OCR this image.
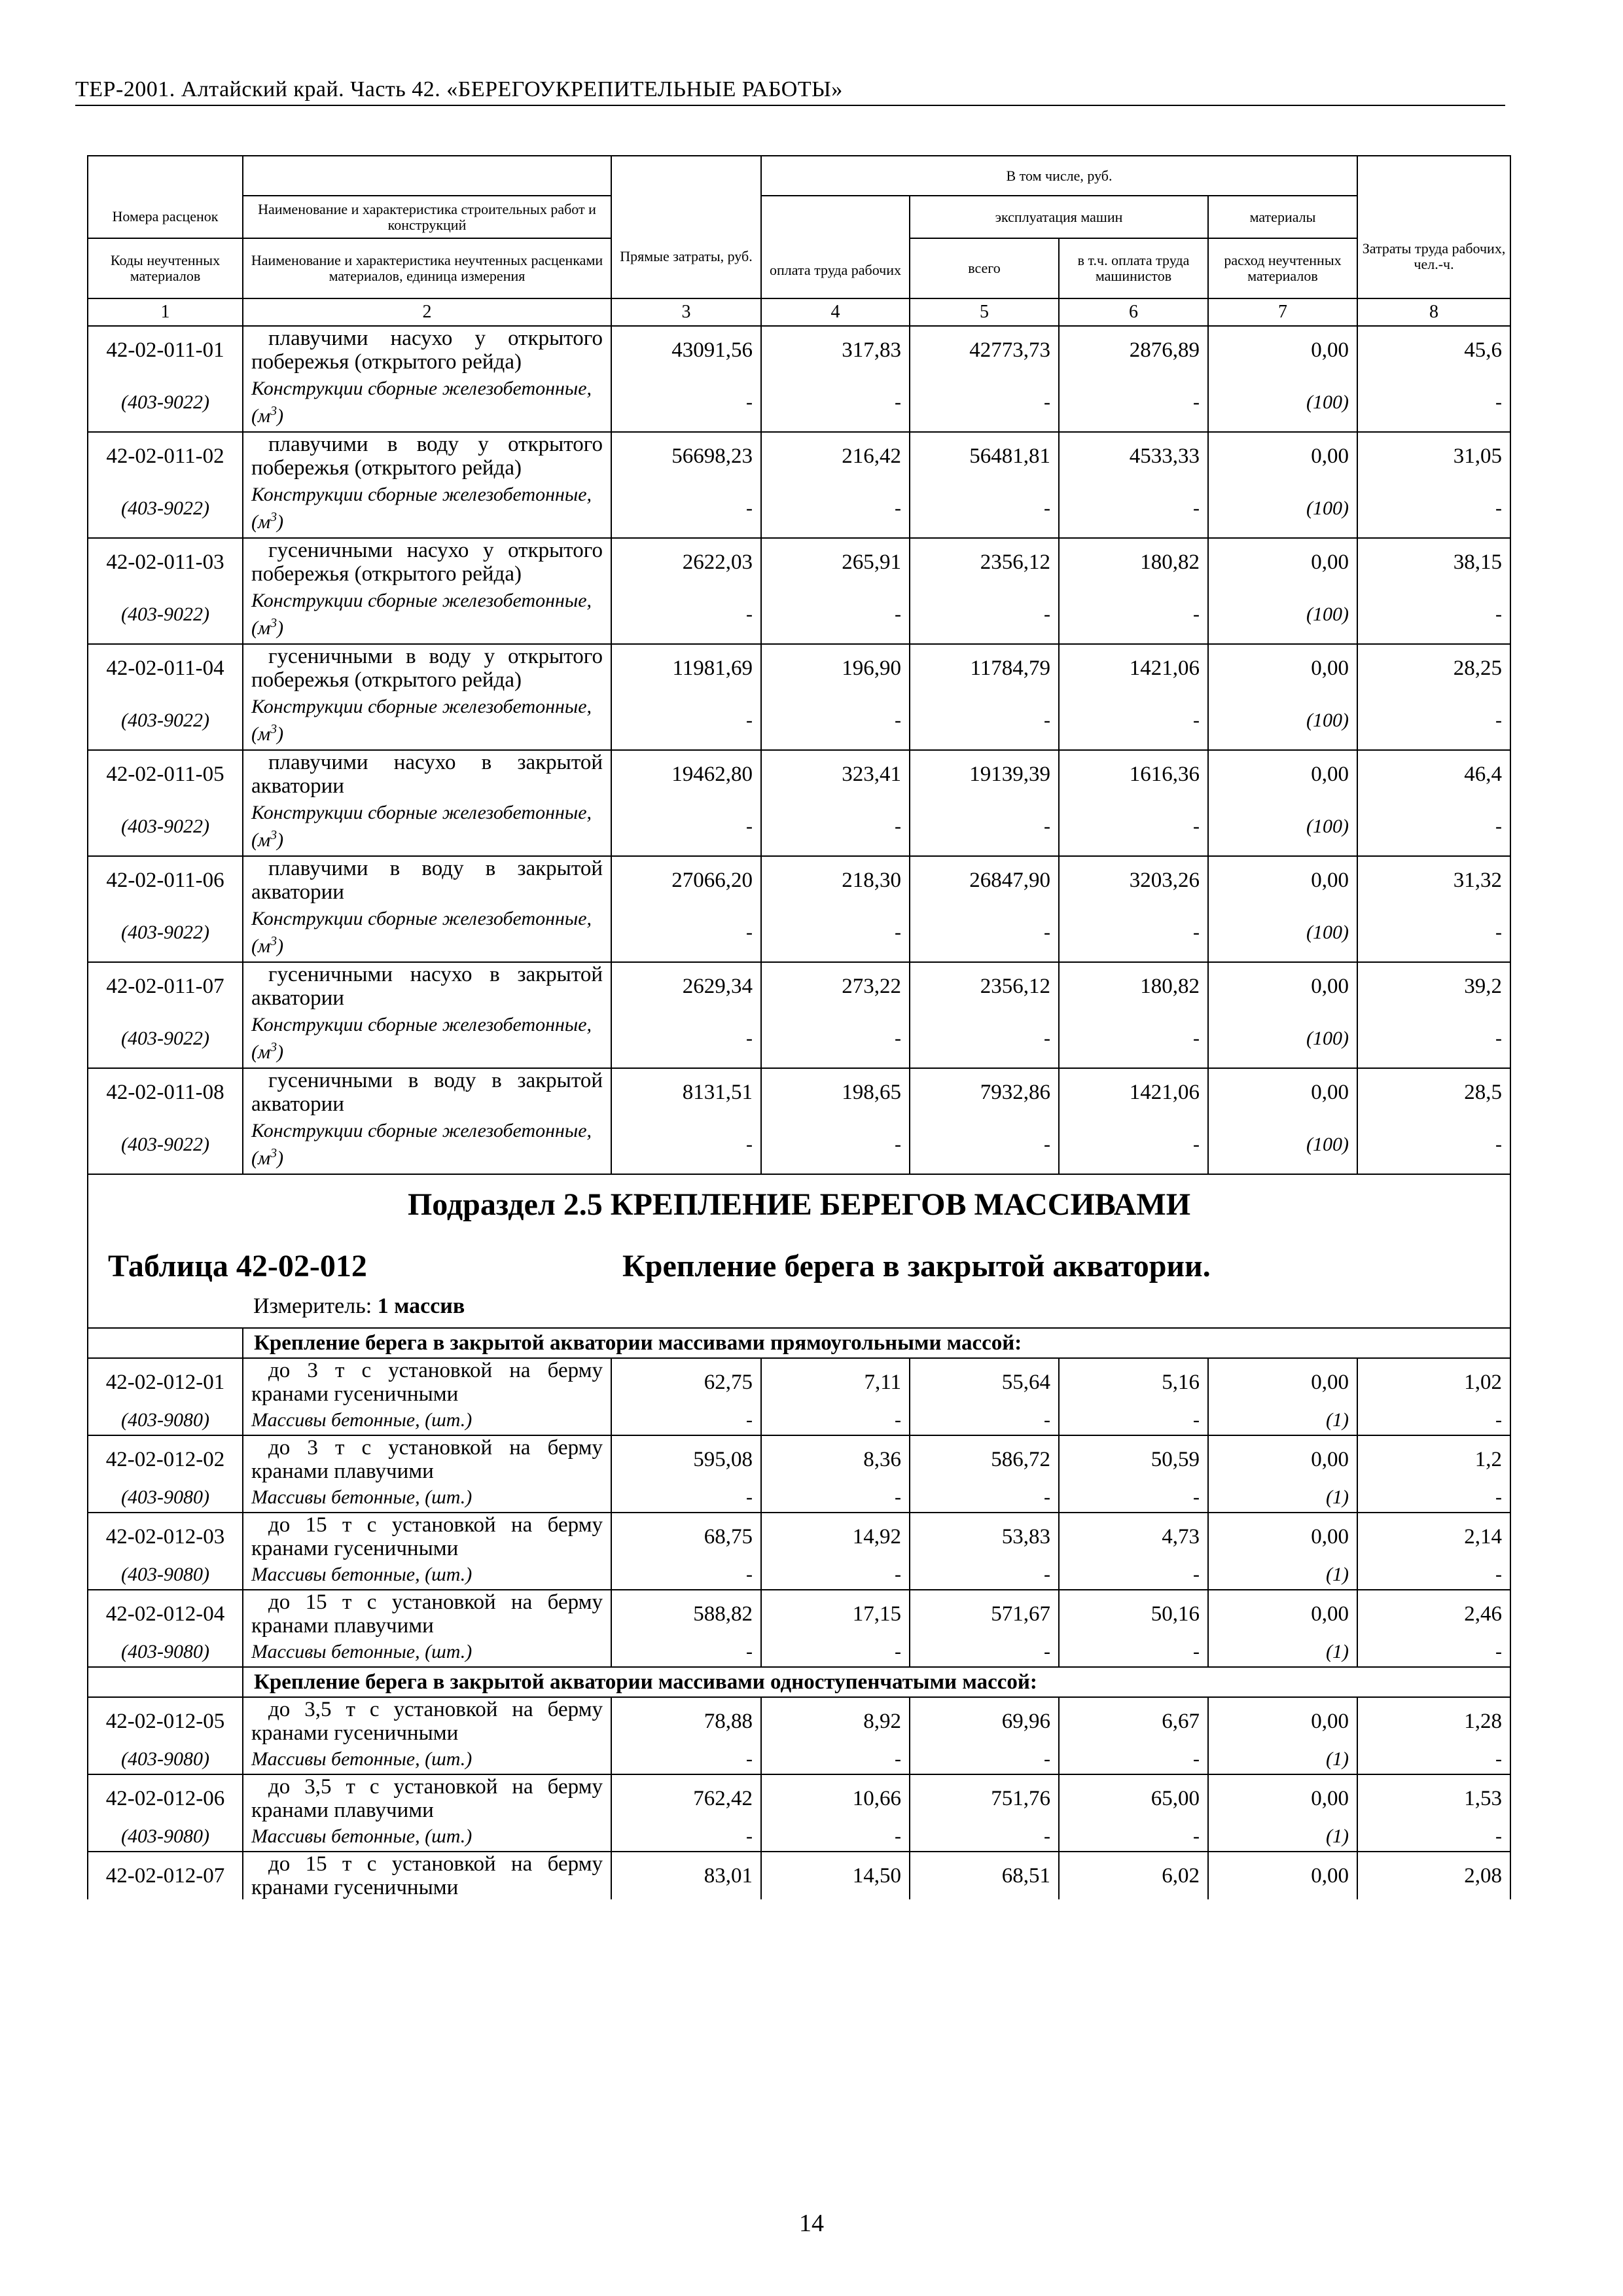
ТЕР-2001. Алтайский край. Часть 42. «БЕРЕГОУКРЕПИТЕЛЬНЫЕ РАБОТЫ»
		Прямые затраты, руб.	В том числе, руб.				Затраты труда рабочих, чел.-ч.
Номера расценок	Наименование и характеристика строительных работ и конструкций		оплата труда рабочих	эксплуатация машин		материалы	
Коды неучтенных материалов	Наименование и характеристика неучтенных расценками материалов, единица измерения			всего	в т.ч. оплата труда машинистов	расход неучтенных материалов	
1	2	3	4	5	6	7	8
42-02-011-01	плавучими насухо у открытого побережья (открытого рейда)	43091,56	317,83	42773,73	2876,89	0,00	45,6
(403-9022)	Конструкции сборные железобетонные, $(м^3)$	-	-	-	-	(100)	-
42-02-011-02	плавучими в воду у открытого побережья (открытого рейда)	56698,23	216,42	56481,81	4533,33	0,00	31,05
(403-9022)	Конструкции сборные железобетонные, $(м^3)$	-	-	-	-	(100)	-
42-02-011-03	гусеничными насухо у открытого побережья (открытого рейда)	2622,03	265,91	2356,12	180,82	0,00	38,15
(403-9022)	Конструкции сборные железобетонные, $(м^3)$	-	-	-	-	(100)	-
42-02-011-04	гусеничными в воду у открытого побережья (открытого рейда)	11981,69	196,90	11784,79	1421,06	0,00	28,25
(403-9022)	Конструкции сборные железобетонные, $(м^3)$	-	-	-	-	(100)	-
42-02-011-05	плавучими насухо в закрытой акватории	19462,80	323,41	19139,39	1616,36	0,00	46,4
(403-9022)	Конструкции сборные железобетонные, $(м^3)$	-	-	-	-	(100)	-
42-02-011-06	плавучими в воду в закрытой акватории	27066,20	218,30	26847,90	3203,26	0,00	31,32
(403-9022)	Конструкции сборные железобетонные, $(м^3)$	-	-	-	-	(100)	-
42-02-011-07	гусеничными насухо в закрытой акватории	2629,34	273,22	2356,12	180,82	0,00	39,2
(403-9022)	Конструкции сборные железобетонные, $(м^3)$	-	-	-	-	(100)	-
42-02-011-08	гусеничными в воду в закрытой акватории	8131,51	198,65	7932,86	1421,06	0,00	28,5
(403-9022)	Конструкции сборные железобетонные, $(м^3)$	-	-	-	-	(100)	-

Подраздел 2.5 КРЕПЛЕНИЕ БЕРЕГОВ МАССИВАМИ
Таблица 42-02-012 Крепление берега в закрытой акватории.
Измеритель: 1 массив							

	Крепление берега в закрытой акватории массивами прямоугольными массой:						
42-02-012-01	до 3 т с установкой на берму кранами гусеничными	62,75	7,11	55,64	5,16	0,00	1,02
(403-9080)	Массивы бетонные, (шт.)	-	-	-	-	(1)	-
42-02-012-02	до 3 т с установкой на берму кранами плавучими	595,08	8,36	586,72	50,59	0,00	1,2
(403-9080)	Массивы бетонные, (шт.)	-	-	-	-	(1)	-
42-02-012-03	до 15 т с установкой на берму кранами гусеничными	68,75	14,92	53,83	4,73	0,00	2,14
(403-9080)	Массивы бетонные, (шт.)	-	-	-	-	(1)	-
42-02-012-04	до 15 т с установкой на берму кранами плавучими	588,82	17,15	571,67	50,16	0,00	2,46
(403-9080)	Массивы бетонные, (шт.)	-	-	-	-	(1)	-
	Крепление берега в закрытой акватории массивами одноступенчатыми массой:						
42-02-012-05	до 3,5 т с установкой на берму кранами гусеничными	78,88	8,92	69,96	6,67	0,00	1,28
(403-9080)	Массивы бетонные, (шт.)	-	-	-	-	(1)	-
42-02-012-06	до 3,5 т с установкой на берму кранами плавучими	762,42	10,66	751,76	65,00	0,00	1,53
(403-9080)	Массивы бетонные, (шт.)	-	-	-	-	(1)	-
42-02-012-07	до 15 т с установкой на берму кранами гусеничными	83,01	14,50	68,51	6,02	0,00	2,08
14
